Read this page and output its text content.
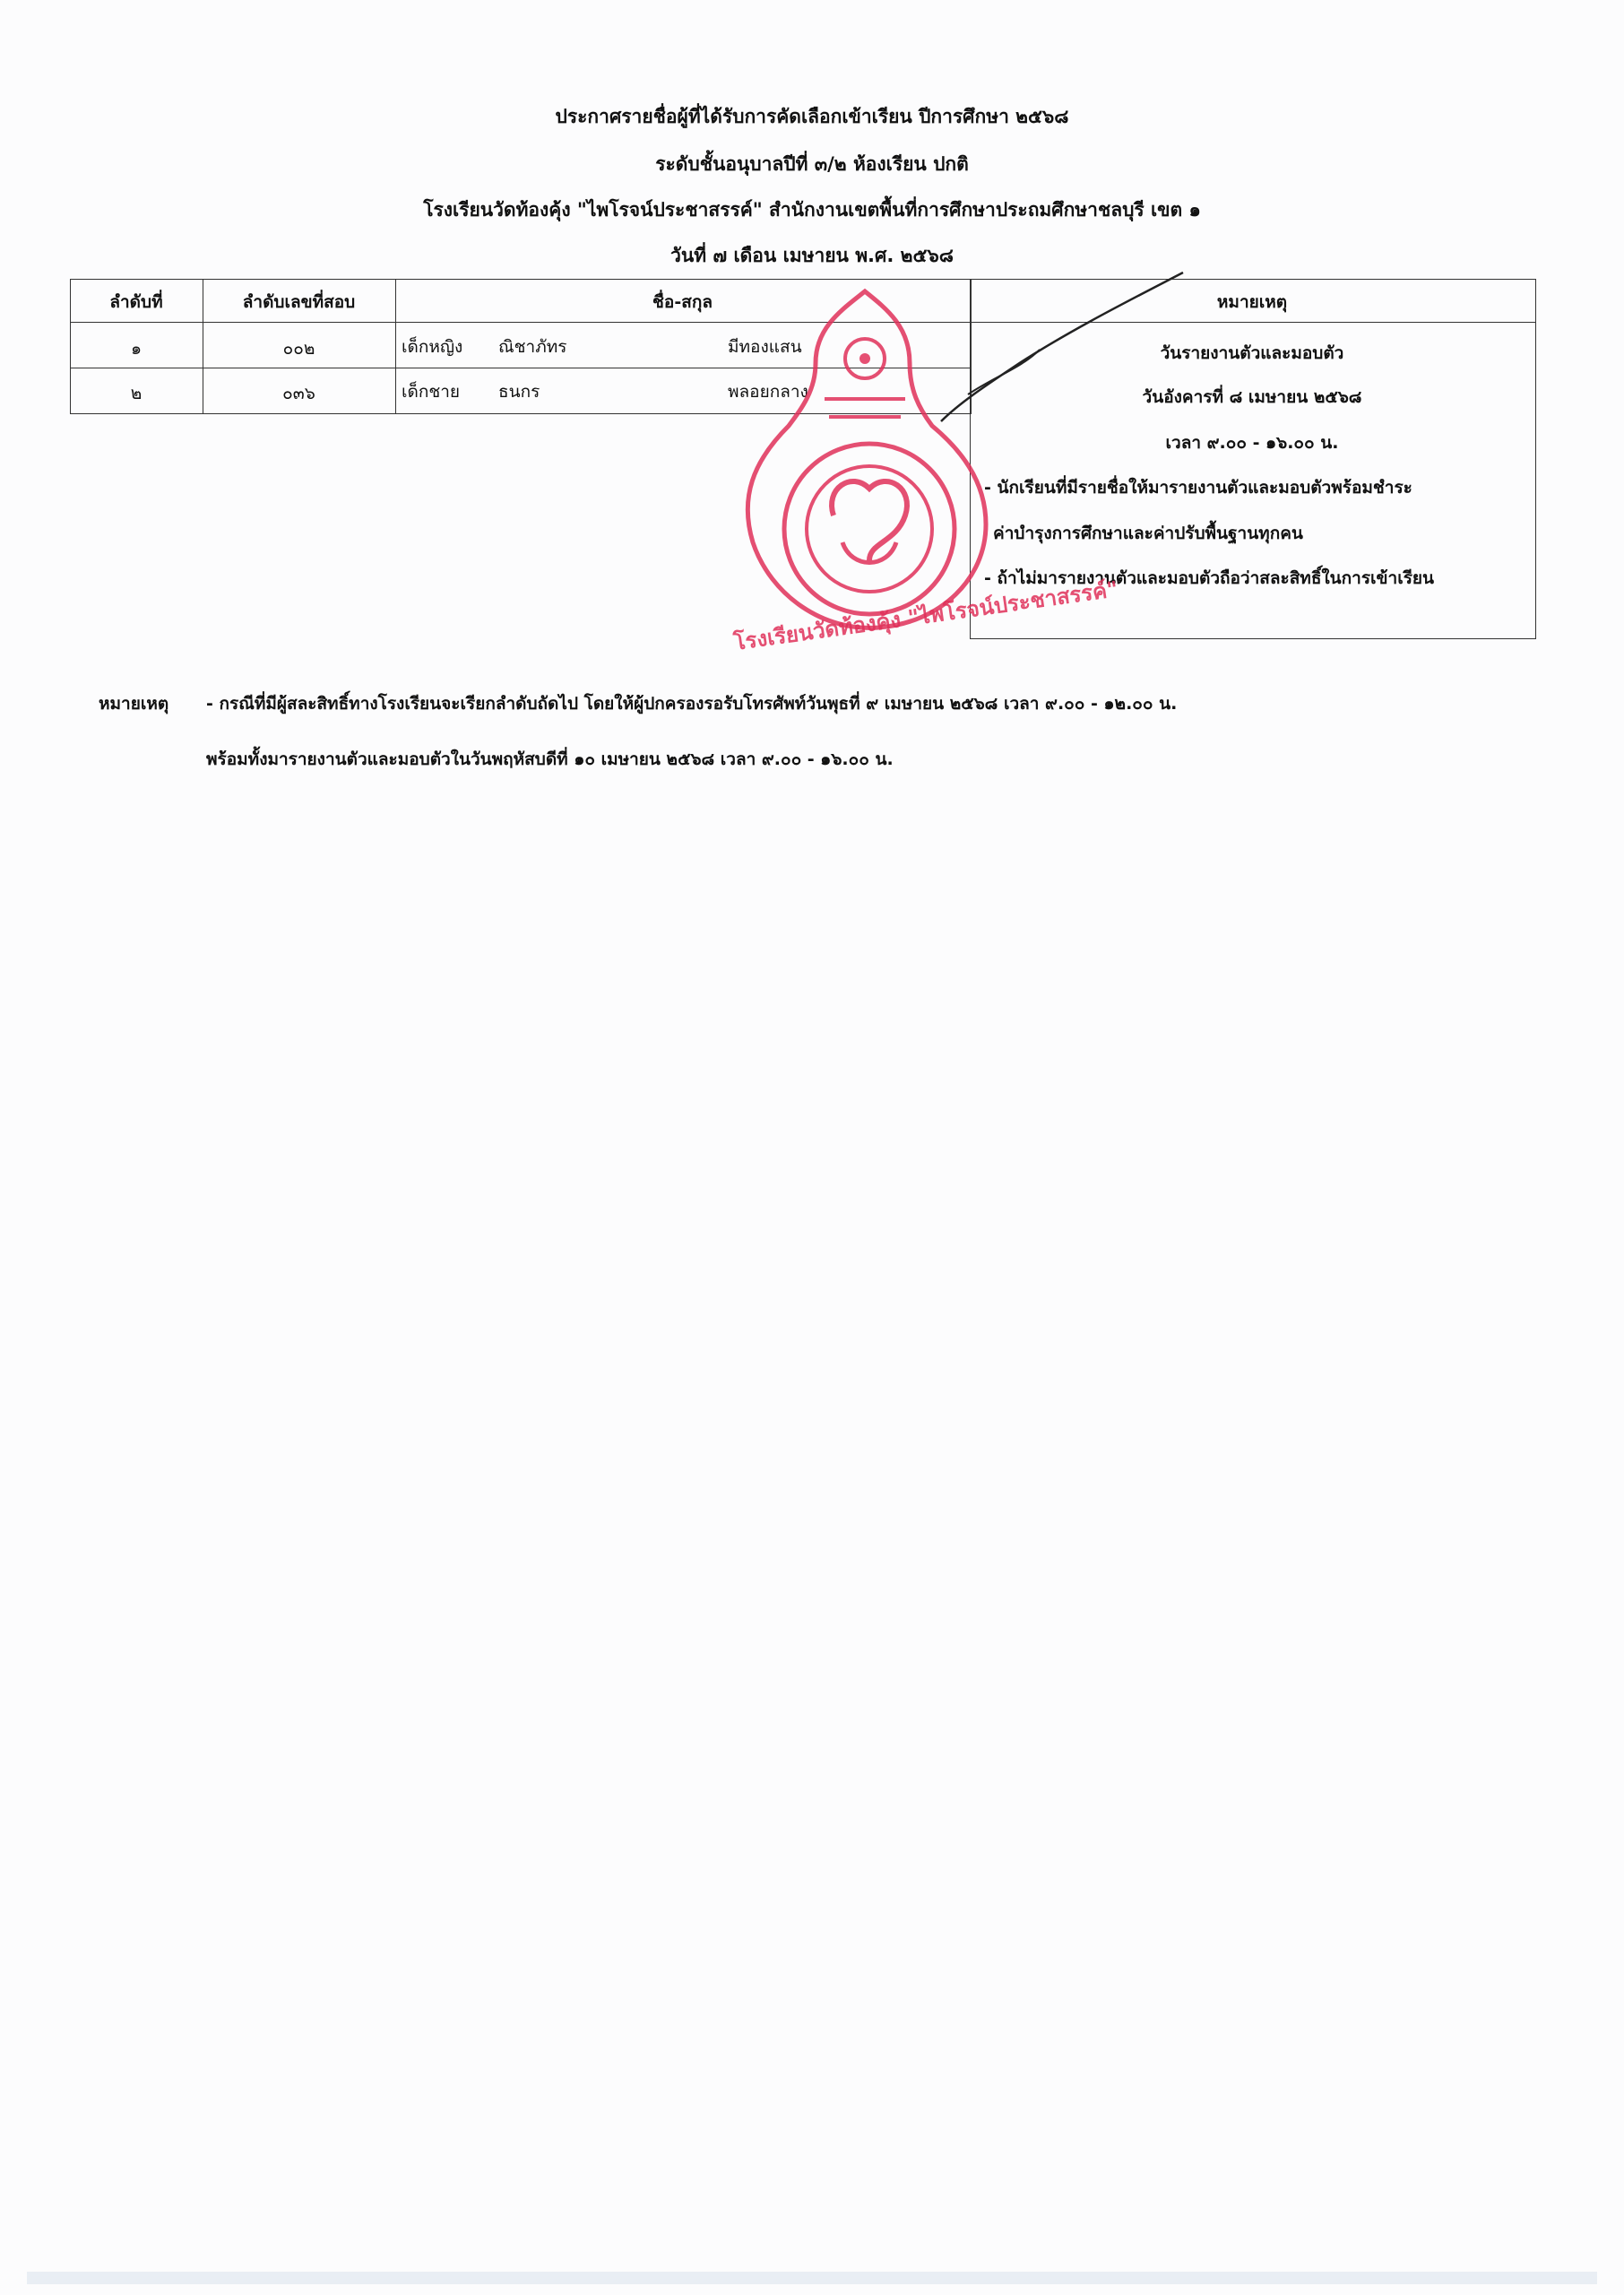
ประกาศรายชื่อผู้ที่ได้รับการคัดเลือกเข้าเรียน ปีการศึกษา ๒๕๖๘
ระดับชั้นอนุบาลปีที่ ๓/๒ ห้องเรียน ปกติ
โรงเรียนวัดท้องคุ้ง "ไพโรจน์ประชาสรรค์" สำนักงานเขตพื้นที่การศึกษาประถมศึกษาชลบุรี เขต ๑
วันที่ ๗ เดือน เมษายน พ.ศ. ๒๕๖๘
ลำดับที่	ลำดับเลขที่สอบ	ชื่อ-สกุล
๑	๐๐๒	เด็กหญิง ณิชาภัทร	มีทองแสน
๒	๐๓๖	เด็กชาย ธนกร	พลอยกลาง
หมายเหตุ
วันรายงานตัวและมอบตัว
วันอังคารที่ ๘ เมษายน ๒๕๖๘
เวลา ๙.๐๐ - ๑๖.๐๐ น.
- นักเรียนที่มีรายชื่อให้มารายงานตัวและมอบตัวพร้อมชำระ
ค่าบำรุงการศึกษาและค่าปรับพื้นฐานทุกคน
- ถ้าไม่มารายงานตัวและมอบตัวถือว่าสละสิทธิ์ในการเข้าเรียน
โรงเรียนวัดท้องคุ้ง "ไพโรจน์ประชาสรรค์"
หมายเหตุ - กรณีที่มีผู้สละสิทธิ์ทางโรงเรียนจะเรียกลำดับถัดไป โดยให้ผู้ปกครองรอรับโทรศัพท์วันพุธที่ ๙ เมษายน ๒๕๖๘ เวลา ๙.๐๐ - ๑๒.๐๐ น.
พร้อมทั้งมารายงานตัวและมอบตัวในวันพฤหัสบดีที่ ๑๐ เมษายน ๒๕๖๘ เวลา ๙.๐๐ - ๑๖.๐๐ น.
